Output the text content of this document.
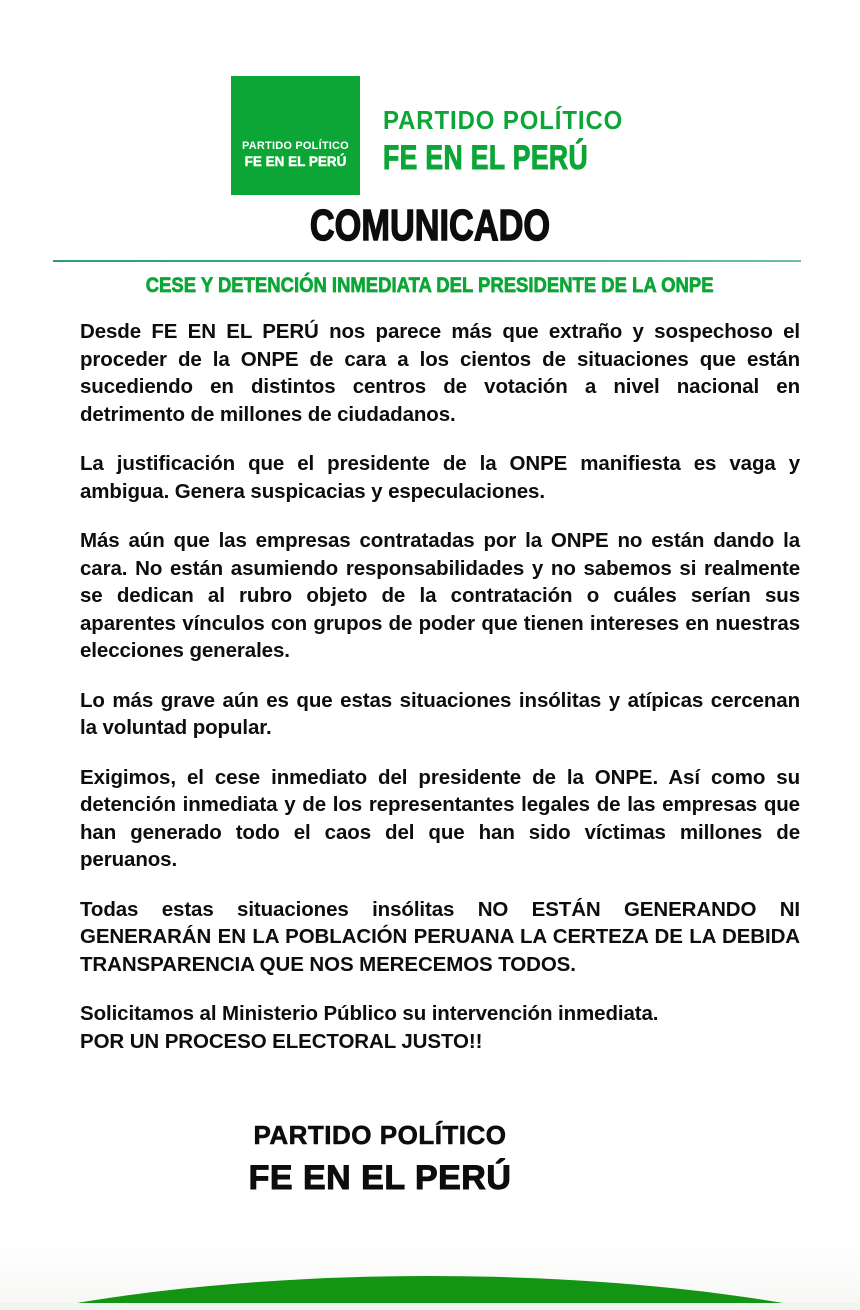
PARTIDO POLÍTICO
FE EN EL PERÚ
PARTIDO POLÍTICO
FE EN EL PERÚ
COMUNICADO
CESE Y DETENCIÓN INMEDIATA DEL PRESIDENTE DE LA ONPE

Desde FE EN EL PERÚ nos parece más que extraño y sospechoso el proceder de la ONPE de cara a los cientos de situaciones que están sucediendo en distintos centros de votación a nivel nacional en detrimento de millones de ciudadanos.

La justificación que el presidente de la ONPE manifiesta es vaga y ambigua. Genera suspicacias y especulaciones.

Más aún que las empresas contratadas por la ONPE no están dando la cara. No están asumiendo responsabilidades y no sabemos si realmente se dedican al rubro objeto de la contratación o cuáles serían sus aparentes vínculos con grupos de poder que tienen intereses en nuestras elecciones generales.

Lo más grave aún es que estas situaciones insólitas y atípicas cercenan la voluntad popular.

Exigimos, el cese inmediato del presidente de la ONPE. Así como su detención inmediata y de los representantes legales de las empresas que han generado todo el caos del que han sido víctimas millones de peruanos.

Todas estas situaciones insólitas NO ESTÁN GENERANDO NI GENERARÁN EN LA POBLACIÓN PERUANA LA CERTEZA DE LA DEBIDA TRANSPARENCIA QUE NOS MERECEMOS TODOS.

Solicitamos al Ministerio Público su intervención inmediata.

POR UN PROCESO ELECTORAL JUSTO!!

PARTIDO POLÍTICO
FE EN EL PERÚ
